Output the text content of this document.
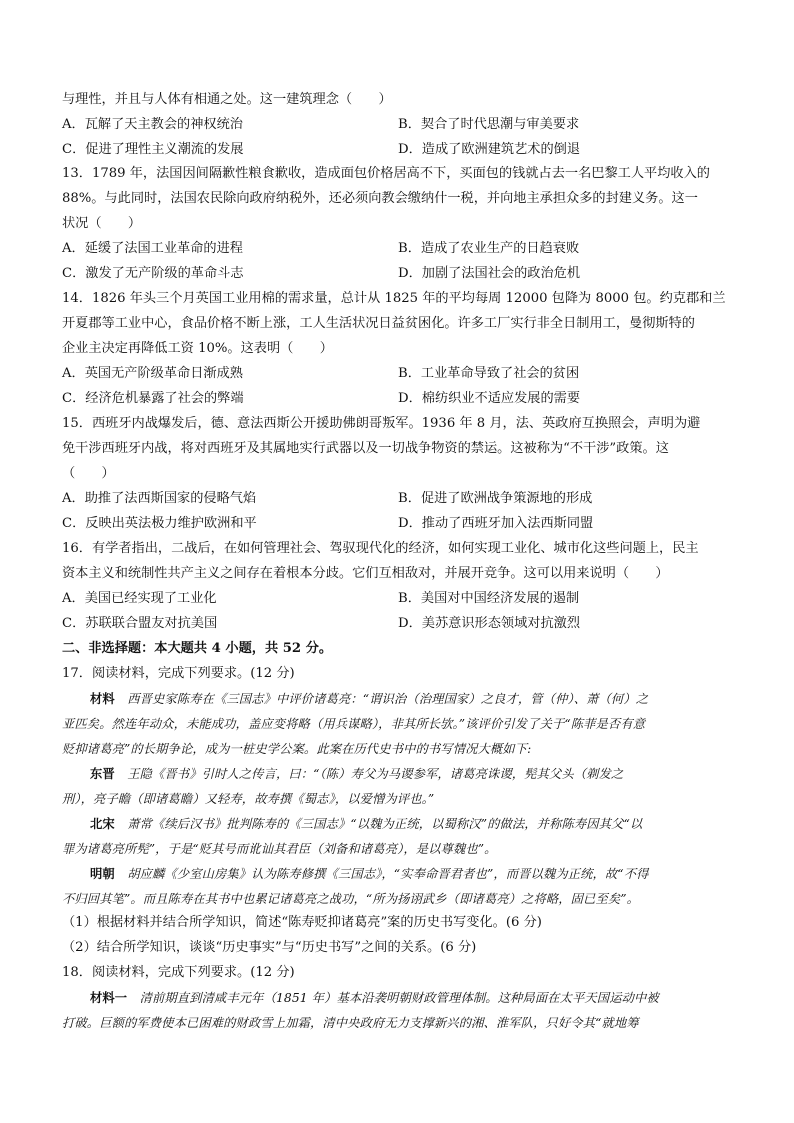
与理性，并且与人体有相通之处。这一建筑理念（　　）
A．瓦解了天主教会的神权统治	B．契合了时代思潮与审美要求
C．促进了理性主义潮流的发展	D．造成了欧洲建筑艺术的倒退
13．1789 年，法国因间隔歉性粮食歉收，造成面包价格居高不下，买面包的钱就占去一名巴黎工人平均收入的
88%。与此同时，法国农民除向政府纳税外，还必须向教会缴纳什一税，并向地主承担众多的封建义务。这一
状况（　　）
A．延缓了法国工业革命的进程	B．造成了农业生产的日趋衰败
C．激发了无产阶级的革命斗志	D．加剧了法国社会的政治危机
14．1826 年头三个月英国工业用棉的需求量，总计从 1825 年的平均每周 12000 包降为 8000 包。约克郡和兰
开夏郡等工业中心，食品价格不断上涨，工人生活状况日益贫困化。许多工厂实行非全日制用工，曼彻斯特的
企业主决定再降低工资 10%。这表明（　　）
A．英国无产阶级革命日渐成熟	B．工业革命导致了社会的贫困
C．经济危机暴露了社会的弊端	D．棉纺织业不适应发展的需要
15．西班牙内战爆发后，德、意法西斯公开援助佛朗哥叛军。1936 年 8 月，法、英政府互换照会，声明为避
免干涉西班牙内战，将对西班牙及其属地实行武器以及一切战争物资的禁运。这被称为“不干涉”政策。这
（　　）
A．助推了法西斯国家的侵略气焰	B．促进了欧洲战争策源地的形成
C．反映出英法极力维护欧洲和平	D．推动了西班牙加入法西斯同盟
16．有学者指出，二战后，在如何管理社会、驾驭现代化的经济，如何实现工业化、城市化这些问题上，民主
资本主义和统制性共产主义之间存在着根本分歧。它们互相敌对，并展开竞争。这可以用来说明（　　）
A．美国已经实现了工业化	B．美国对中国经济发展的遏制
C．苏联联合盟友对抗美国	D．美苏意识形态领域对抗激烈
二、非选择题：本大题共 4 小题，共 52 分。
17．阅读材料，完成下列要求。(12 分)
材料　 西晋史家陈寿在《三国志》中评价诸葛亮：“谓识治（治理国家）之良才，管（仲）、萧（何）之
亚匹矣。然连年动众，未能成功，盖应变将略（用兵谋略），非其所长欤。”该评价引发了关于“陈菲是否有意
贬抑诸葛亮”的长期争论，成为一桩史学公案。此案在历代史书中的书写情况大概如下:
东晋　 王隐《晋书》引时人之传言，曰：“（陈）寿父为马谡参军，诸葛亮诛谡，髡其父头（剃发之
刑），亮子瞻（即诸葛瞻）又轻寿，故寿撰《蜀志》，以爱憎为评也。”
北宋　 萧常《续后汉书》批判陈寿的《三国志》“以魏为正统，以蜀称汉”的做法，并称陈寿因其父“以
罪为诸葛亮所髡”，于是“贬其号而讹讪其君臣（刘备和诸葛亮），是以尊魏也”。
明朝　 胡应麟《少室山房集》认为陈寿修撰《三国志》，“实奉命晋君者也”，而晋以魏为正统，故“不得
不归回其笔”。而且陈寿在其书中也累记诸葛亮之战功，“所为扬诩武乡（即诸葛亮）之将略，固已至矣”。
（1）根据材料并结合所学知识，简述“陈寿贬抑诸葛亮”案的历史书写变化。(6 分)
（2）结合所学知识，谈谈“历史事实”与“历史书写”之间的关系。(6 分)
18．阅读材料，完成下列要求。(12 分)
材料一　 清前期直到清咸丰元年（1851 年）基本沿袭明朝财政管理体制。这种局面在太平天国运动中被
打破。巨额的军费使本已困难的财政雪上加霜，清中央政府无力支撑新兴的湘、淮军队，只好令其“就地筹
